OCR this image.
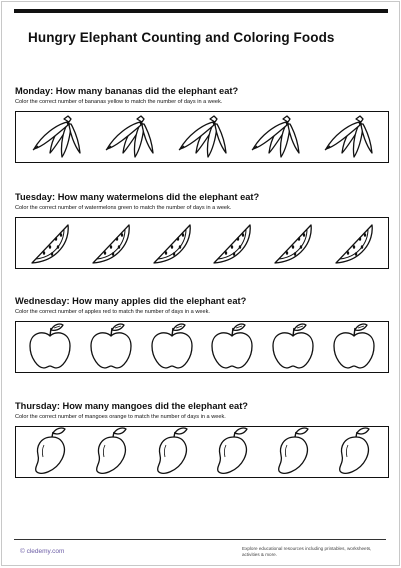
Hungry Elephant Counting and Coloring Foods
Monday: How many bananas did the elephant eat?
Color the correct number of bananas yellow to match the number of days in a week.
Tuesday: How many watermelons did the elephant eat?
Color the correct number of watermelons green to match the number of days in a week.
Wednesday: How many apples did the elephant eat?
Color the correct number of apples red to match the number of days in a week.
Thursday: How many mangoes did the elephant eat?
Color the correct number of mangoes orange to match the number of days in a week.
© cledemy.com	Explore educational resources including printables, worksheets, activities & more.
